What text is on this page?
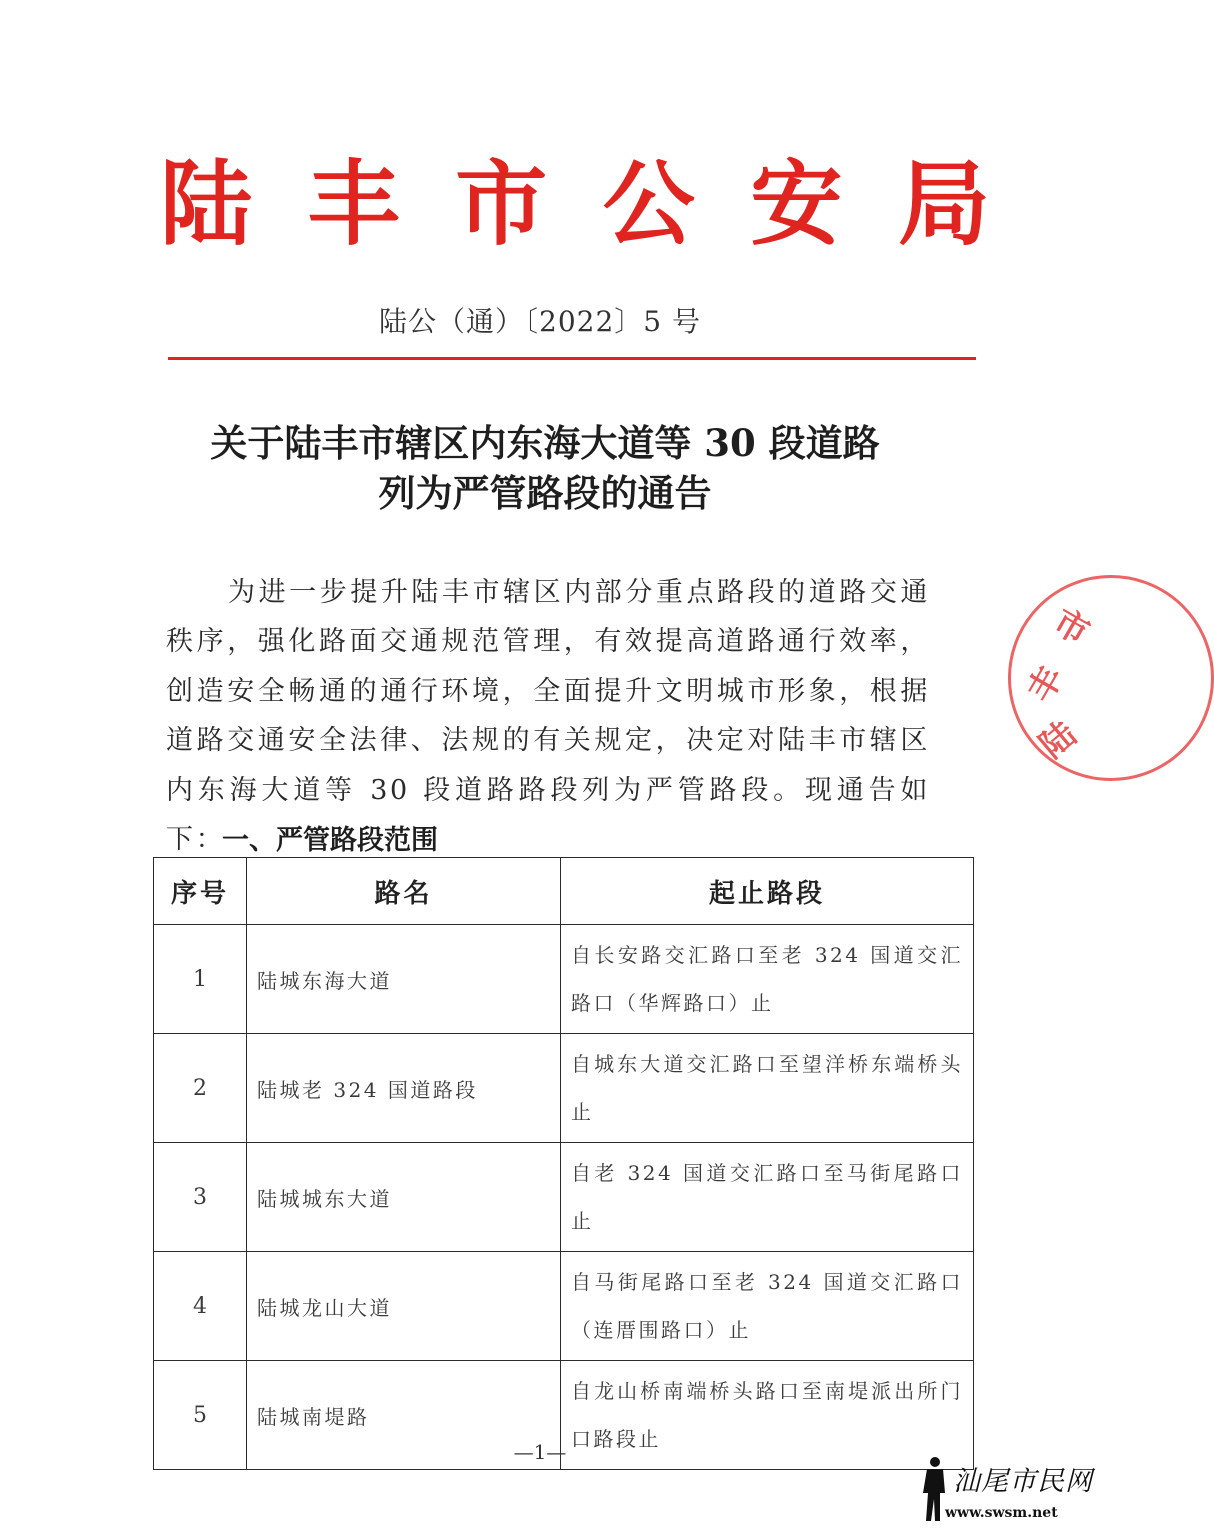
陆 丰 市 公 安 局
陆公（通）〔2022〕5 号
关于陆丰市辖区内东海大道等 30 段道路
列为严管路段的通告
为进一步提升陆丰市辖区内部分重点路段的道路交通秩序，强化路面交通规范管理，有效提高道路通行效率，创造安全畅通的通行环境，全面提升文明城市形象，根据道路交通安全法律、法规的有关规定，决定对陆丰市辖区内东海大道等 30 段道路路段列为严管路段。现通告如下：
一、严管路段范围
序号	路名	起止路段
1	陆城东海大道	自长安路交汇路口至老 324 国道交汇路口（华辉路口）止
2	陆城老 324 国道路段	自城东大道交汇路口至望洋桥东端桥头止
3	陆城城东大道	自老 324 国道交汇路口至马街尾路口止
4	陆城龙山大道	自马街尾路口至老 324 国道交汇路口（连厝围路口）止
5	陆城南堤路	自龙山桥南端桥头路口至南堤派出所门口路段止
—1—
市
丰
陆
汕尾市民网
www.swsm.net
